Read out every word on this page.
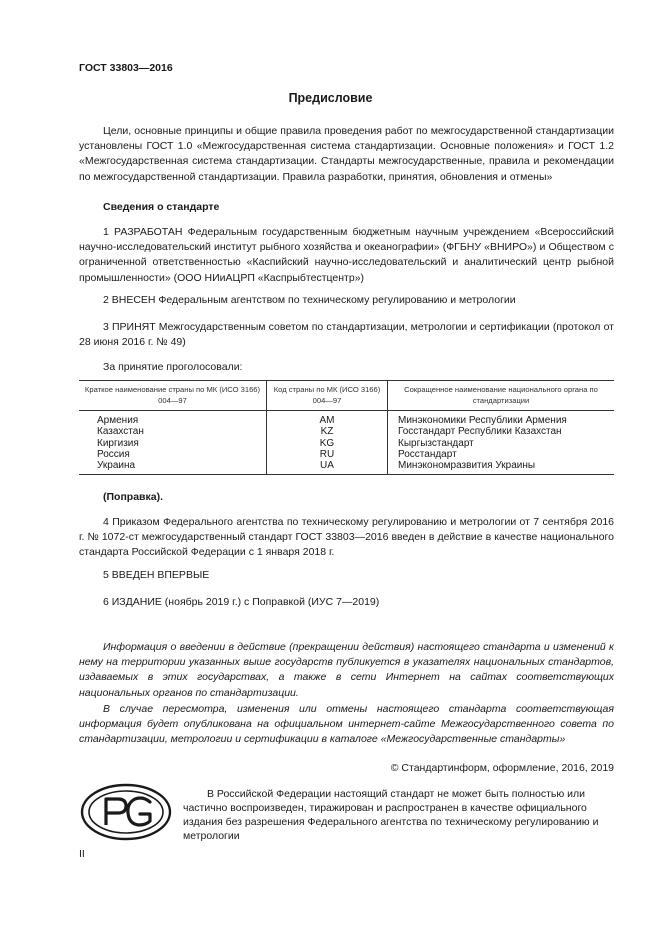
ГОСТ 33803—2016
Предисловие

Цели, основные принципы и общие правила проведения работ по межгосударственной стандартизации установлены ГОСТ 1.0 «Межгосударственная система стандартизации. Основные положения» и ГОСТ 1.2 «Межгосударственная система стандартизации. Стандарты межгосударственные, правила и рекомендации по межгосударственной стандартизации. Правила разработки, принятия, обновления и отмены»

Сведения о стандарте

1 РАЗРАБОТАН Федеральным государственным бюджетным научным учреждением «Всероссийский научно-исследовательский институт рыбного хозяйства и океанографии» (ФГБНУ «ВНИРО») и Обществом с ограниченной ответственностью «Каспийский научно-исследовательский и аналитический центр рыбной промышленности» (ООО НИиАЦРП «Каспрыбтестцентр»)

2 ВНЕСЕН Федеральным агентством по техническому регулированию и метрологии

3 ПРИНЯТ Межгосударственным советом по стандартизации, метрологии и сертификации (протокол от 28 июня 2016 г. № 49)

За принятие проголосовали:
Краткое наименование страны по МК (ИСО 3166) 004—97	Код страны по МК (ИСО 3166) 004—97	Сокращенное наименование национального органа по стандартизации
Армения	AM	Минэкономики Республики Армения
Казахстан	KZ	Госстандарт Республики Казахстан
Киргизия	KG	Кыргызстандарт
Россия	RU	Росстандарт
Украина	UA	Минэкономразвития Украины
(Поправка).

4 Приказом Федерального агентства по техническому регулированию и метрологии от 7 сентября 2016 г. № 1072-ст межгосударственный стандарт ГОСТ 33803—2016 введен в действие в качестве национального стандарта Российской Федерации с 1 января 2018 г.

5 ВВЕДЕН ВПЕРВЫЕ
6 ИЗДАНИЕ (ноябрь 2019 г.) с Поправкой (ИУС 7—2019)

Информация о введении в действие (прекращении действия) настоящего стандарта и изменений к нему на территории указанных выше государств публикуется в указателях национальных стандартов, издаваемых в этих государствах, а также в сети Интернет на сайтах соответствующих национальных органов по стандартизации.

В случае пересмотра, изменения или отмены настоящего стандарта соответствующая информация будет опубликована на официальном интернет-сайте Межгосударственного совета по стандартизации, метрологии и сертификации в каталоге «Межгосударственные стандарты»

© Стандартинформ, оформление, 2016, 2019

В Российской Федерации настоящий стандарт не может быть полностью или частично воспроизведен, тиражирован и распространен в качестве официального издания без разрешения Федерального агентства по техническому регулированию и метрологии

II
